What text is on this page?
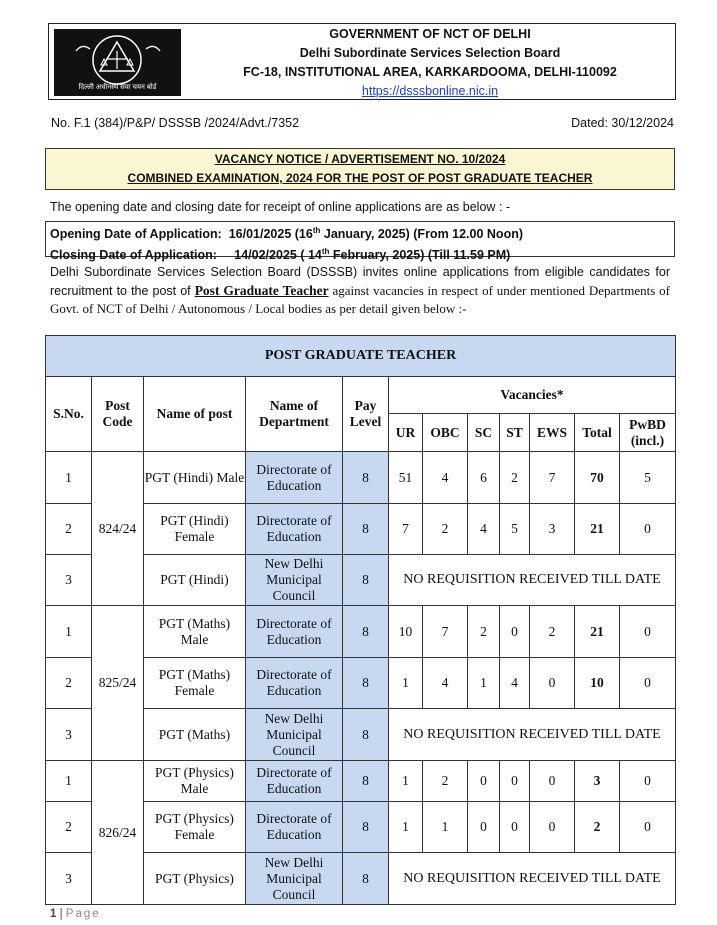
दिल्ली अधीनस्थ सेवा चयन बोर्ड
GOVERNMENT OF NCT OF DELHI
Delhi Subordinate Services Selection Board
FC-18, INSTITUTIONAL AREA, KARKARDOOMA, DELHI-110092
https://dsssbonline.nic.in
No. F.1 (384)/P&P/ DSSSB /2024/Advt./7352	Dated: 30/12/2024
VACANCY NOTICE / ADVERTISEMENT NO. 10/2024
COMBINED EXAMINATION, 2024 FOR THE POST OF POST GRADUATE TEACHER
The opening date and closing date for receipt of online applications are as below : -
Opening Date of Application: 16/01/2025 (16th January, 2025) (From 12.00 Noon)
Closing Date of Application: 14/02/2025 ( 14th February, 2025) (Till 11.59 PM)
Delhi Subordinate Services Selection Board (DSSSB) invites online applications from eligible candidates for recruitment to the post of Post Graduate Teacher against vacancies in respect of under mentioned Departments of Govt. of NCT of Delhi / Autonomous / Local bodies as per detail given below :-
POST GRADUATE TEACHER											
S.No.	Post Code	Name of post	Name of Department	Pay Level	Vacancies*						
					UR	OBC	SC	ST	EWS	Total	PwBD (incl.)
1	824/24	PGT (Hindi) Male	Directorate of Education	8	51	4	6	2	7	70	5
2		PGT (Hindi) Female	Directorate of Education	8	7	2	4	5	3	21	0
3		PGT (Hindi)	New Delhi Municipal Council	8	NO REQUISITION RECEIVED TILL DATE						
1	825/24	PGT (Maths) Male	Directorate of Education	8	10	7	2	0	2	21	0
2		PGT (Maths) Female	Directorate of Education	8	1	4	1	4	0	10	0
3		PGT (Maths)	New Delhi Municipal Council	8	NO REQUISITION RECEIVED TILL DATE						
1	826/24	PGT (Physics) Male	Directorate of Education	8	1	2	0	0	0	3	0
2		PGT (Physics) Female	Directorate of Education	8	1	1	0	0	0	2	0
3		PGT (Physics)	New Delhi Municipal Council	8	NO REQUISITION RECEIVED TILL DATE						
1 | Page
